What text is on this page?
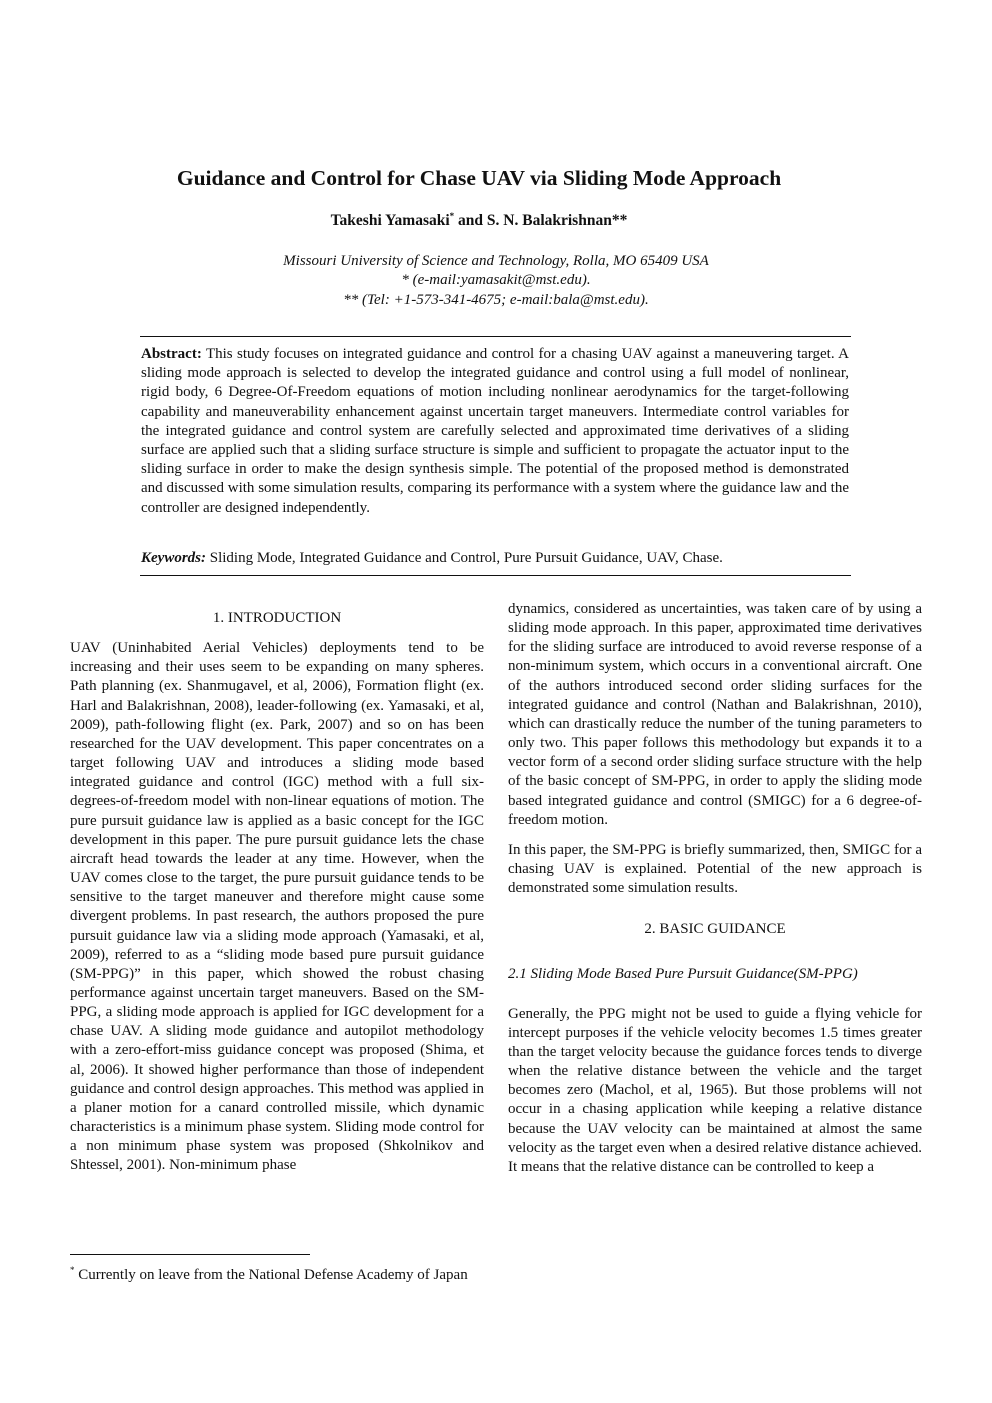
Guidance and Control for Chase UAV via Sliding Mode Approach
Takeshi Yamasaki* and S. N. Balakrishnan**
Missouri University of Science and Technology, Rolla, MO 65409 USA
* (e-mail:yamasakit@mst.edu).
** (Tel: +1-573-341-4675; e-mail:bala@mst.edu).
Abstract: This study focuses on integrated guidance and control for a chasing UAV against a maneuvering target. A sliding mode approach is selected to develop the integrated guidance and control using a full model of nonlinear, rigid body, 6 Degree-Of-Freedom equations of motion including nonlinear aerodynamics for the target-following capability and maneuverability enhancement against uncertain target maneuvers. Intermediate control variables for the integrated guidance and control system are carefully selected and approximated time derivatives of a sliding surface are applied such that a sliding surface structure is simple and sufficient to propagate the actuator input to the sliding surface in order to make the design synthesis simple. The potential of the proposed method is demonstrated and discussed with some simulation results, comparing its performance with a system where the guidance law and the controller are designed independently.
Keywords: Sliding Mode, Integrated Guidance and Control, Pure Pursuit Guidance, UAV, Chase.

1. INTRODUCTION

UAV (Uninhabited Aerial Vehicles) deployments tend to be increasing and their uses seem to be expanding on many spheres. Path planning (ex. Shanmugavel, et al, 2006), Formation flight (ex. Harl and Balakrishnan, 2008), leader-following (ex. Yamasaki, et al, 2009), path-following flight (ex. Park, 2007) and so on has been researched for the UAV development. This paper concentrates on a target following UAV and introduces a sliding mode based integrated guidance and control (IGC) method with a full six-degrees-of-freedom model with non-linear equations of motion. The pure pursuit guidance law is applied as a basic concept for the IGC development in this paper. The pure pursuit guidance lets the chase aircraft head towards the leader at any time. However, when the UAV comes close to the target, the pure pursuit guidance tends to be sensitive to the target maneuver and therefore might cause some divergent problems. In past research, the authors proposed the pure pursuit guidance law via a sliding mode approach (Yamasaki, et al, 2009), referred to as a “sliding mode based pure pursuit guidance (SM-PPG)” in this paper, which showed the robust chasing performance against uncertain target maneuvers. Based on the SM-PPG, a sliding mode approach is applied for IGC development for a chase UAV. A sliding mode guidance and autopilot methodology with a zero-effort-miss guidance concept was proposed (Shima, et al, 2006). It showed higher performance than those of independent guidance and control design approaches. This method was applied in a planer motion for a canard controlled missile, which dynamic characteristics is a minimum phase system. Sliding mode control for a non minimum phase system was proposed (Shkolnikov and Shtessel, 2001). Non-minimum phase

dynamics, considered as uncertainties, was taken care of by using a sliding mode approach. In this paper, approximated time derivatives for the sliding surface are introduced to avoid reverse response of a non-minimum system, which occurs in a conventional aircraft. One of the authors introduced second order sliding surfaces for the integrated guidance and control (Nathan and Balakrishnan, 2010), which can drastically reduce the number of the tuning parameters to only two. This paper follows this methodology but expands it to a vector form of a second order sliding surface structure with the help of the basic concept of SM-PPG, in order to apply the sliding mode based integrated guidance and control (SMIGC) for a 6 degree-of- freedom motion.

In this paper, the SM-PPG is briefly summarized, then, SMIGC for a chasing UAV is explained. Potential of the new approach is demonstrated some simulation results.

2. BASIC GUIDANCE

2.1 Sliding Mode Based Pure Pursuit Guidance(SM-PPG)

Generally, the PPG might not be used to guide a flying vehicle for intercept purposes if the vehicle velocity becomes 1.5 times greater than the target velocity because the guidance forces tends to diverge when the relative distance between the vehicle and the target becomes zero (Machol, et al, 1965). But those problems will not occur in a chasing application while keeping a relative distance because the UAV velocity can be maintained at almost the same velocity as the target even when a desired relative distance achieved. It means that the relative distance can be controlled to keep a

* Currently on leave from the National Defense Academy of Japan
